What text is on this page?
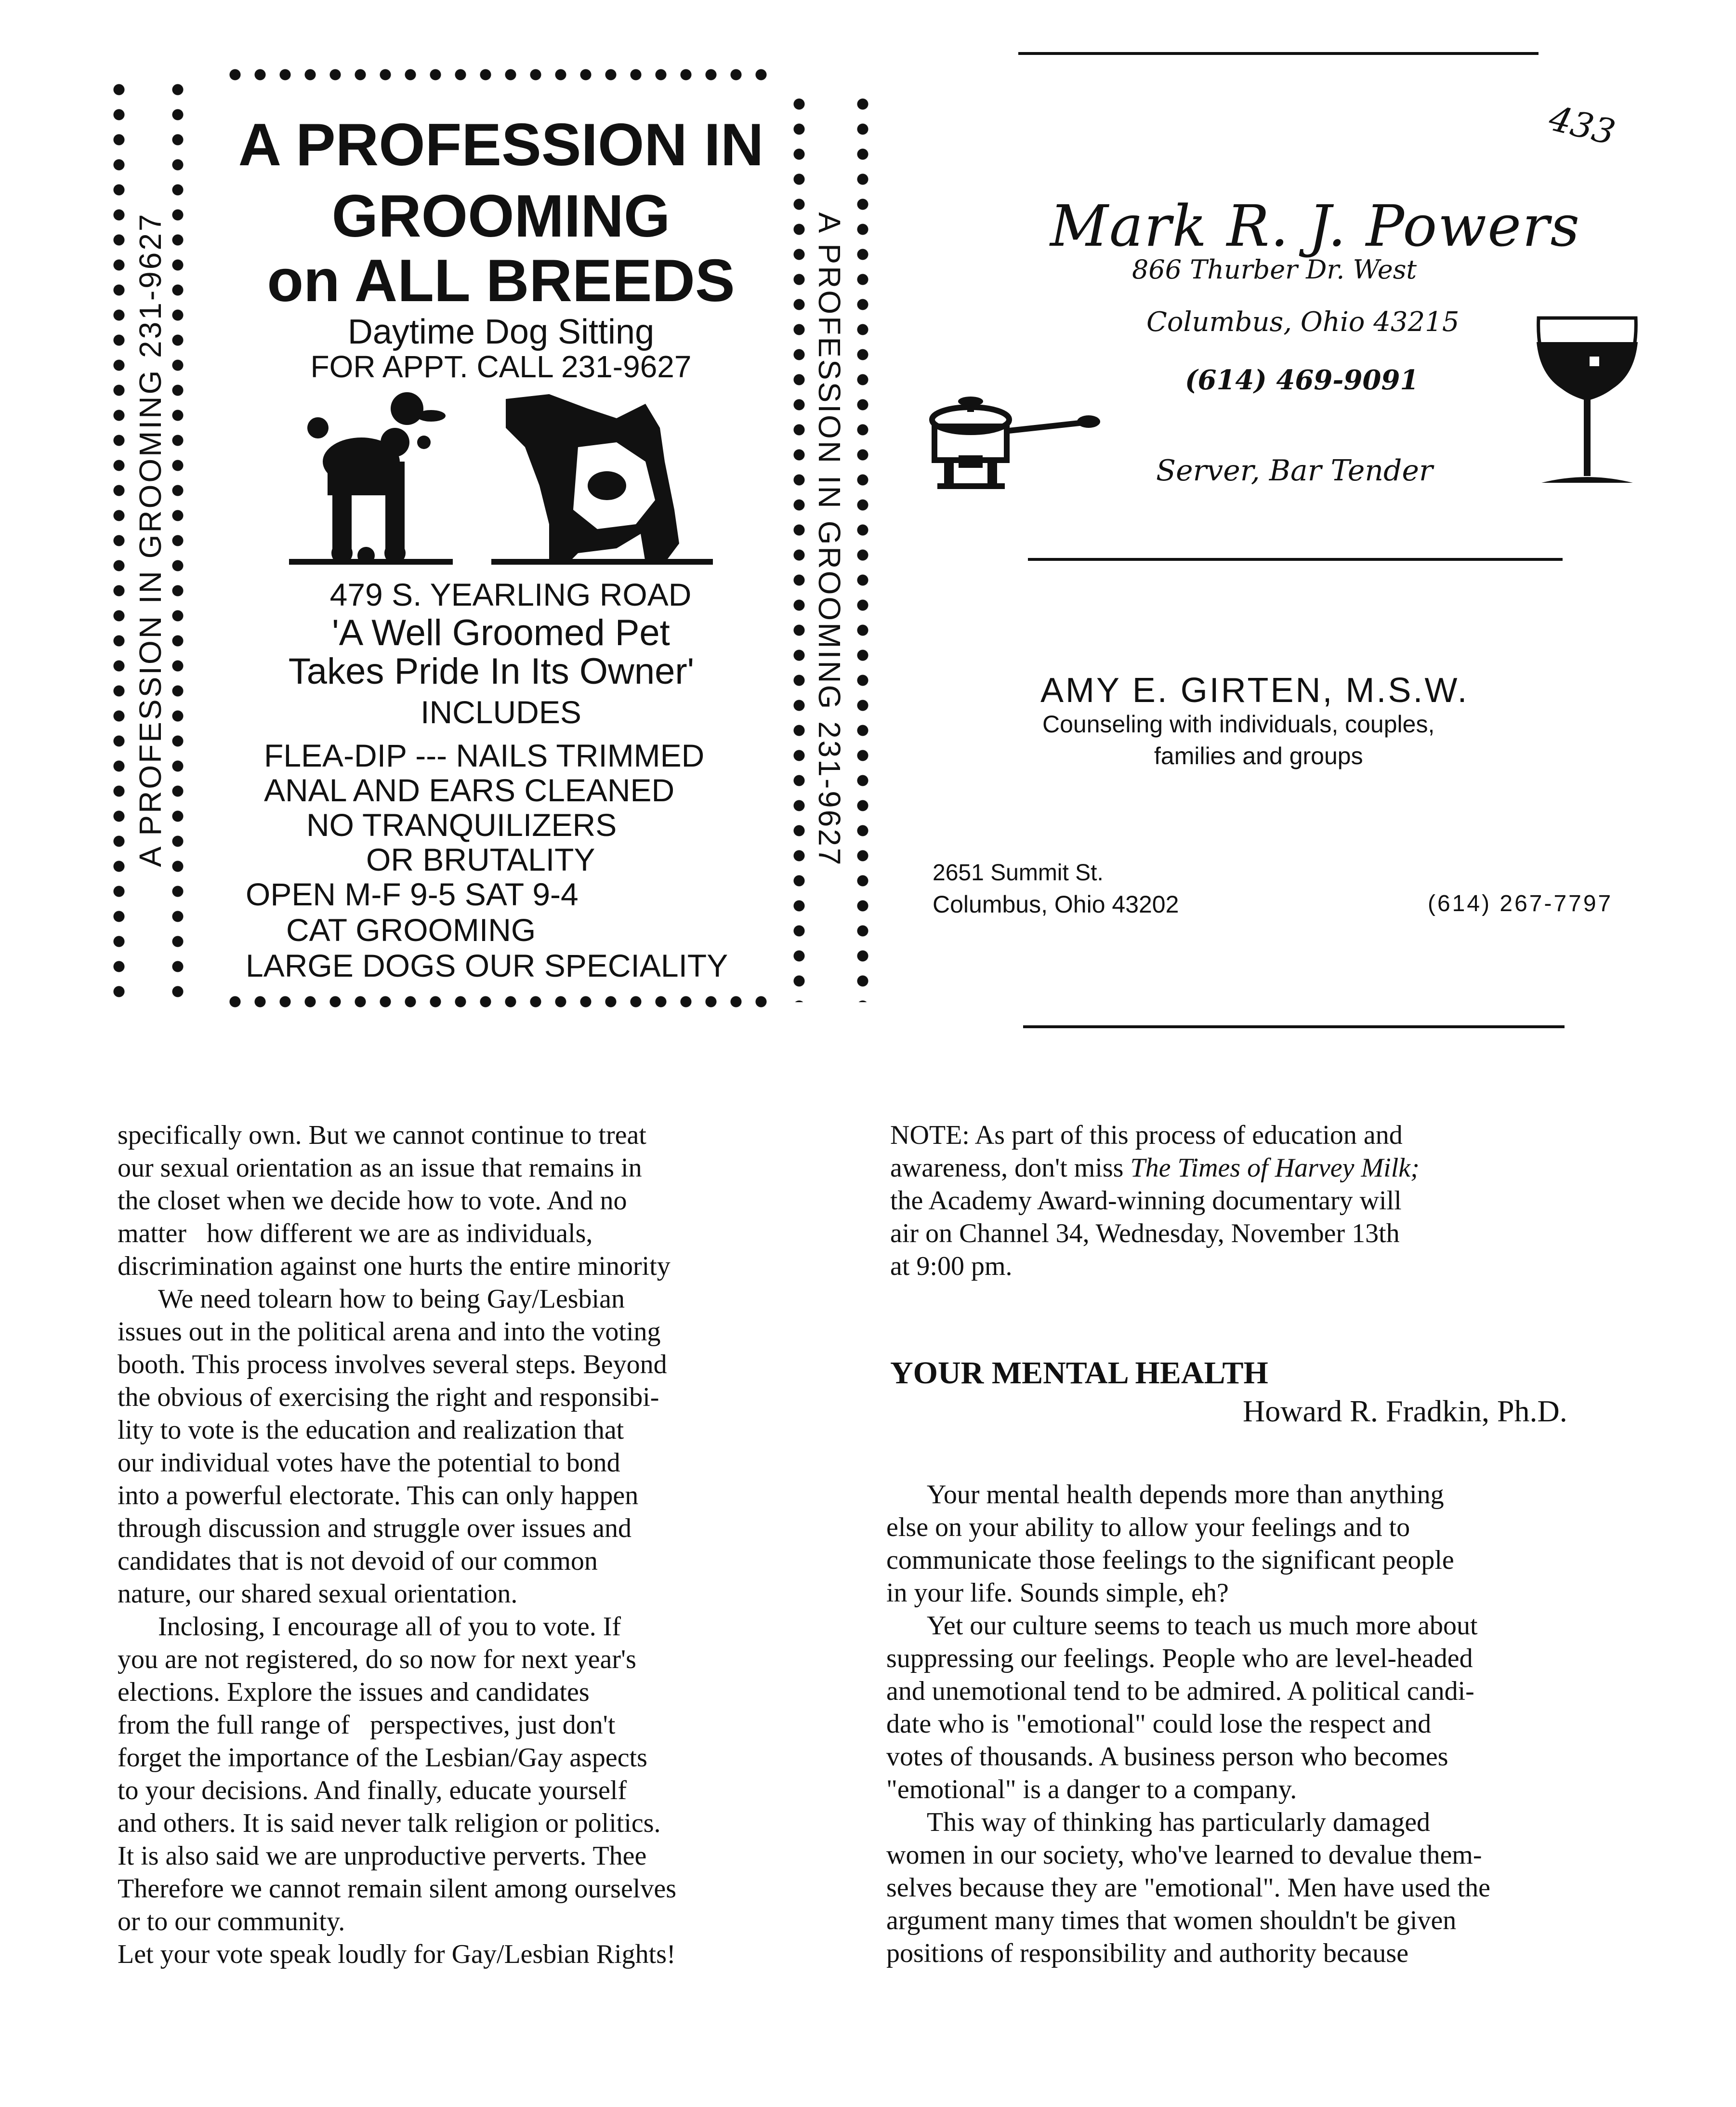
A PROFESSION IN GROOMING 231-9627	A PROFESSION IN GROOMING 231-9627
A PROFESSION IN
GROOMING
on ALL BREEDS
Daytime Dog Sitting
FOR APPT. CALL 231-9627
479 S. YEARLING ROAD
'A Well Groomed Pet
Takes Pride In Its Owner'
INCLUDES
FLEA-DIP --- NAILS TRIMMED
ANAL AND EARS CLEANED
NO TRANQUILIZERS
OR BRUTALITY
OPEN M-F 9-5 SAT 9-4
CAT GROOMING
LARGE DOGS OUR SPECIALITY
433
Mark R. J. Powers
866 Thurber Dr. West
Columbus, Ohio 43215
(614) 469-9091
Server, Bar Tender
AMY E. GIRTEN, M.S.W.
Counseling with individuals, couples,
families and groups
2651 Summit St.
Columbus, Ohio 43202	(614) 267-7797
specifically own. But we cannot continue to treat
our sexual orientation as an issue that remains in
the closet when we decide how to vote. And no
matter   how different we are as individuals,
discrimination against one hurts the entire minority
We need tolearn how to being Gay/Lesbian
issues out in the political arena and into the voting
booth. This process involves several steps. Beyond
the obvious of exercising the right and responsibi-
lity to vote is the education and realization that
our individual votes have the potential to bond
into a powerful electorate. This can only happen
through discussion and struggle over issues and
candidates that is not devoid of our common
nature, our shared sexual orientation.
Inclosing, I encourage all of you to vote. If
you are not registered, do so now for next year's
elections. Explore the issues and candidates
from the full range of   perspectives, just don't
forget the importance of the Lesbian/Gay aspects
to your decisions. And finally, educate yourself
and others. It is said never talk religion or politics.
It is also said we are unproductive perverts. Thee
Therefore we cannot remain silent among ourselves
or to our community.
Let your vote speak loudly for Gay/Lesbian Rights!
NOTE: As part of this process of education and
awareness, don't miss The Times of Harvey Milk;
the Academy Award-winning documentary will
air on Channel 34, Wednesday, November 13th
at 9:00 pm.
YOUR MENTAL HEALTH
Howard R. Fradkin, Ph.D.
Your mental health depends more than anything
else on your ability to allow your feelings and to
communicate those feelings to the significant people
in your life. Sounds simple, eh?
Yet our culture seems to teach us much more about
suppressing our feelings. People who are level-headed
and unemotional tend to be admired. A political candi-
date who is "emotional" could lose the respect and
votes of thousands. A business person who becomes
"emotional" is a danger to a company.
This way of thinking has particularly damaged
women in our society, who've learned to devalue them-
selves because they are "emotional". Men have used the
argument many times that women shouldn't be given
positions of responsibility and authority because
